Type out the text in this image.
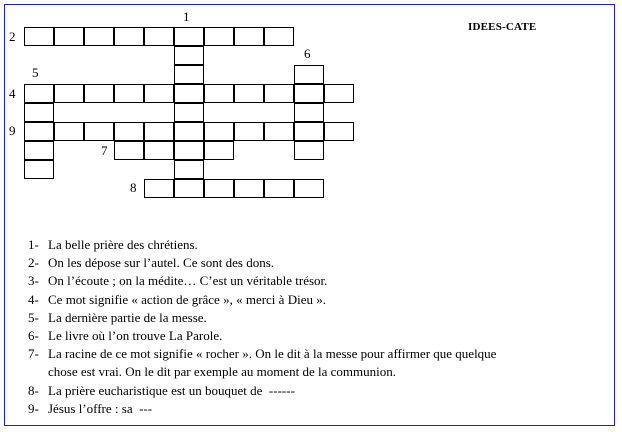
IDEES-CATE
1
2
6
5
4
9
7
8
1- La belle prière des chrétiens.
2- On les dépose sur l’autel. Ce sont des dons.
3- On l’écoute ; on la médite… C’est un véritable trésor.
4- Ce mot signifie « action de grâce », « merci à Dieu ».
5- La dernière partie de la messe.
6- Le livre où l’on trouve La Parole.
7- La racine de ce mot signifie « rocher ». On le dit à la messe pour affirmer que quelque
chose est vrai. On le dit par exemple au moment de la communion.
8- La prière eucharistique est un bouquet de  ------
9- Jésus l’offre : sa  ---
